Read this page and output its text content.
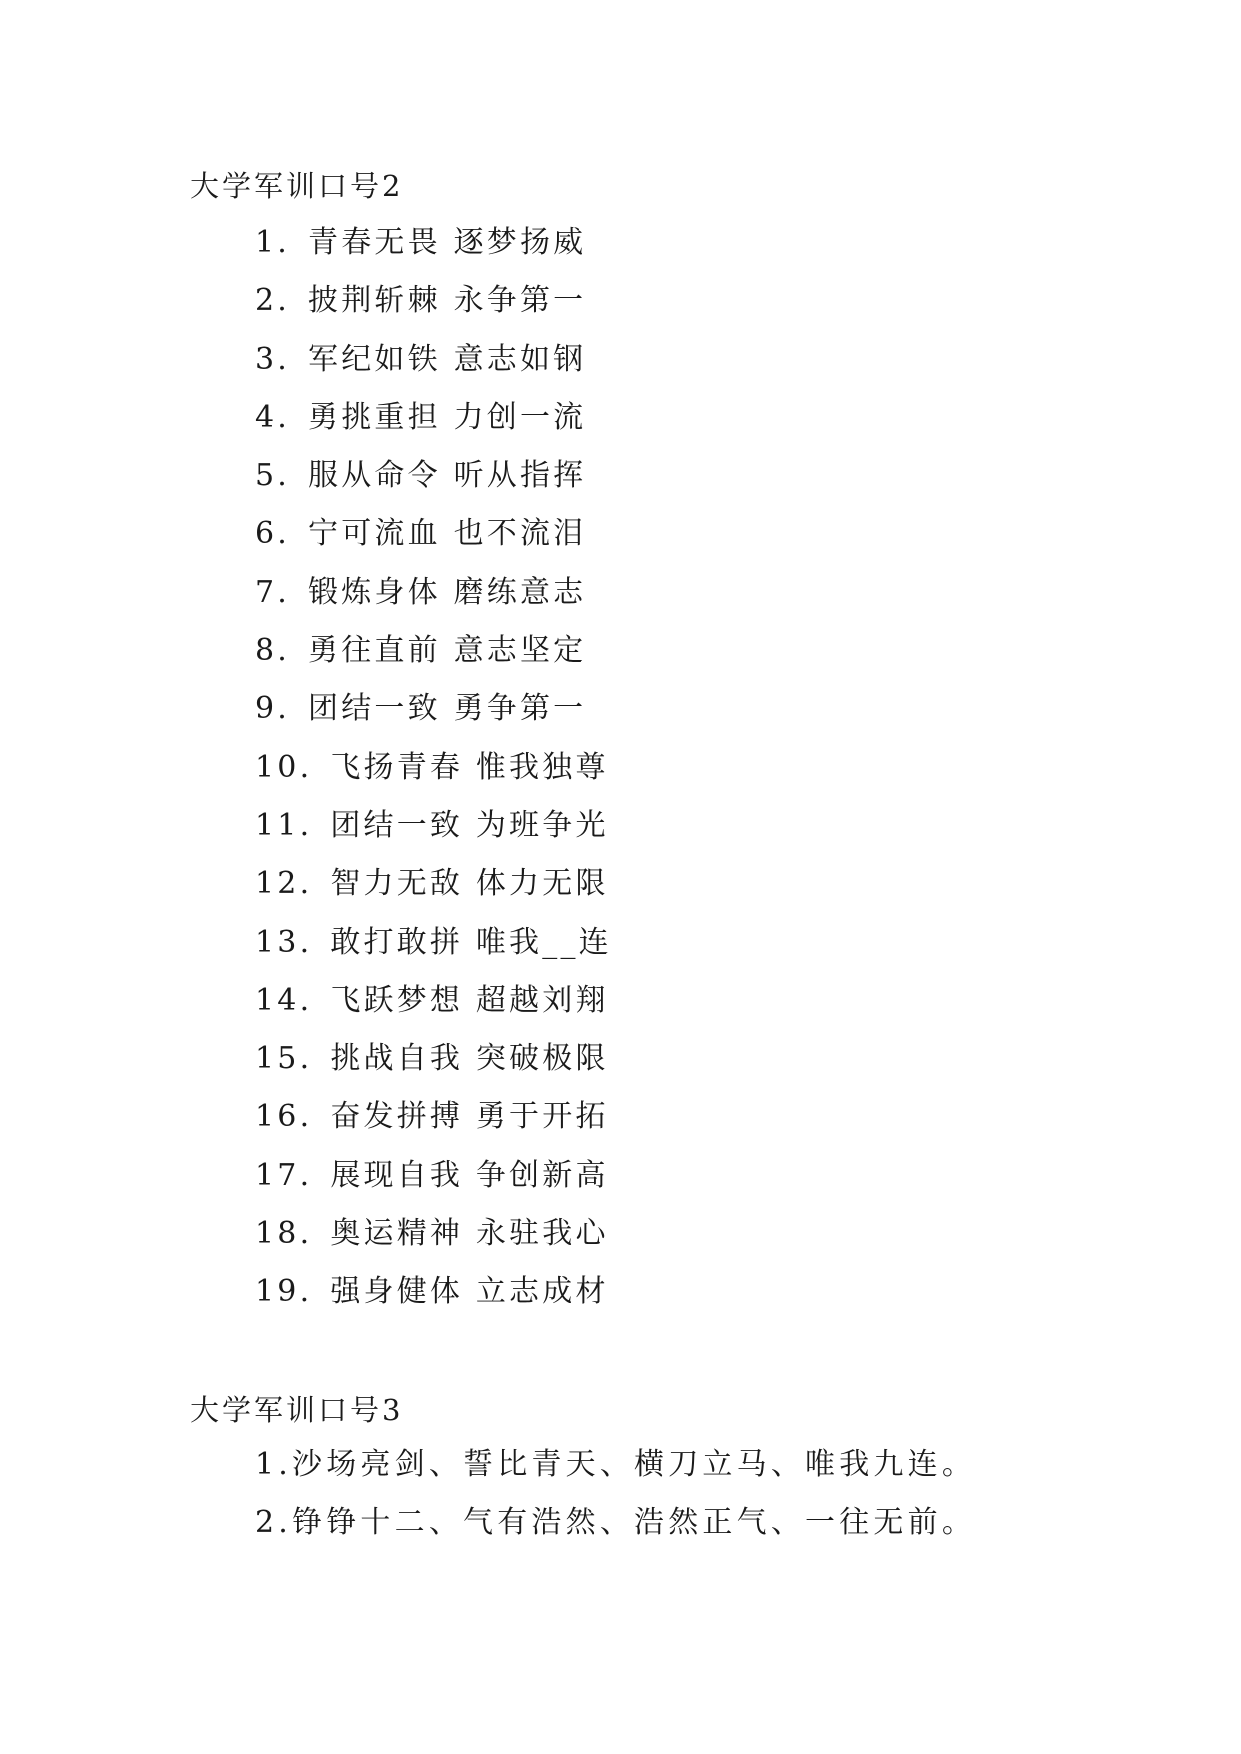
大学军训口号2
1. 青春无畏 逐梦扬威
2. 披荆斩棘 永争第一
3. 军纪如铁 意志如钢
4. 勇挑重担 力创一流
5. 服从命令 听从指挥
6. 宁可流血 也不流泪
7. 锻炼身体 磨练意志
8. 勇往直前 意志坚定
9. 团结一致 勇争第一
10. 飞扬青春 惟我独尊
11. 团结一致 为班争光
12. 智力无敌 体力无限
13. 敢打敢拼 唯我__连
14. 飞跃梦想 超越刘翔
15. 挑战自我 突破极限
16. 奋发拼搏 勇于开拓
17. 展现自我 争创新高
18. 奥运精神 永驻我心
19. 强身健体 立志成材
大学军训口号3
1.沙场亮剑、誓比青天、横刀立马、唯我九连。
2.铮铮十二、气有浩然、浩然正气、一往无前。
